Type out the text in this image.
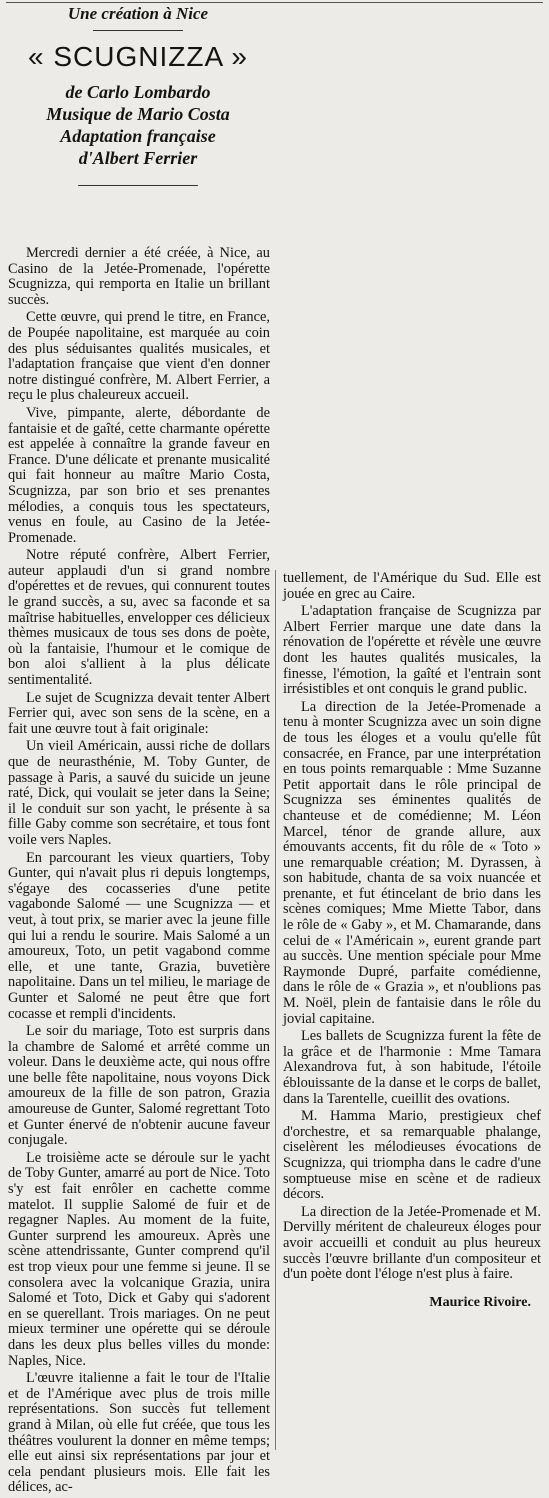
Une création à Nice
« SCUGNIZZA »
de Carlo Lombardo
Musique de Mario Costa
Adaptation française
d'Albert Ferrier

Mercredi dernier a été créée, à Nice, au Casino de la Jetée-Promenade, l'opérette Scugnizza, qui remporta en Italie un brillant succès.

Cette œuvre, qui prend le titre, en France, de Poupée napolitaine, est marquée au coin des plus séduisantes qualités musicales, et l'adaptation française que vient d'en donner notre distingué confrère, M. Albert Ferrier, a reçu le plus chaleureux accueil.

Vive, pimpante, alerte, débordante de fantaisie et de gaîté, cette charmante opérette est appelée à connaître la grande faveur en France. D'une délicate et prenante musicalité qui fait honneur au maître Mario Costa, Scugnizza, par son brio et ses prenantes mélodies, a conquis tous les spectateurs, venus en foule, au Casino de la Jetée-Promenade.

Notre réputé confrère, Albert Ferrier, auteur applaudi d'un si grand nombre d'opérettes et de revues, qui connurent toutes le grand succès, a su, avec sa faconde et sa maîtrise habituelles, envelopper ces délicieux thèmes musicaux de tous ses dons de poète, où la fantaisie, l'humour et le comique de bon aloi s'allient à la plus délicate sentimentalité.

Le sujet de Scugnizza devait tenter Albert Ferrier qui, avec son sens de la scène, en a fait une œuvre tout à fait originale:

Un vieil Américain, aussi riche de dollars que de neurasthénie, M. Toby Gunter, de passage à Paris, a sauvé du suicide un jeune raté, Dick, qui voulait se jeter dans la Seine; il le conduit sur son yacht, le présente à sa fille Gaby comme son secrétaire, et tous font voile vers Naples.

En parcourant les vieux quartiers, Toby Gunter, qui n'avait plus ri depuis longtemps, s'égaye des cocasseries d'une petite vagabonde Salomé — une Scugnizza — et veut, à tout prix, se marier avec la jeune fille qui lui a rendu le sourire. Mais Salomé a un amoureux, Toto, un petit vagabond comme elle, et une tante, Grazia, buvetière napolitaine. Dans un tel milieu, le mariage de Gunter et Salomé ne peut être que fort cocasse et rempli d'incidents.

Le soir du mariage, Toto est surpris dans la chambre de Salomé et arrêté comme un voleur. Dans le deuxième acte, qui nous offre une belle fête napolitaine, nous voyons Dick amoureux de la fille de son patron, Grazia amoureuse de Gunter, Salomé regrettant Toto et Gunter énervé de n'obtenir aucune faveur conjugale.

Le troisième acte se déroule sur le yacht de Toby Gunter, amarré au port de Nice. Toto s'y est fait enrôler en cachette comme matelot. Il supplie Salomé de fuir et de regagner Naples. Au moment de la fuite, Gunter surprend les amoureux. Après une scène attendrissante, Gunter comprend qu'il est trop vieux pour une femme si jeune. Il se consolera avec la volcanique Grazia, unira Salomé et Toto, Dick et Gaby qui s'adorent en se querellant. Trois mariages. On ne peut mieux terminer une opérette qui se déroule dans les deux plus belles villes du monde: Naples, Nice.

L'œuvre italienne a fait le tour de l'Italie et de l'Amérique avec plus de trois mille représentations. Son succès fut tellement grand à Milan, où elle fut créée, que tous les théâtres voulurent la donner en même temps; elle eut ainsi six représentations par jour et cela pendant plusieurs mois. Elle fait les délices, ac-

tuellement, de l'Amérique du Sud. Elle est jouée en grec au Caire.

L'adaptation française de Scugnizza par Albert Ferrier marque une date dans la rénovation de l'opérette et révèle une œuvre dont les hautes qualités musicales, la finesse, l'émotion, la gaîté et l'entrain sont irrésistibles et ont conquis le grand public.

La direction de la Jetée-Promenade a tenu à monter Scugnizza avec un soin digne de tous les éloges et a voulu qu'elle fût consacrée, en France, par une interprétation en tous points remarquable : Mme Suzanne Petit apportait dans le rôle principal de Scugnizza ses éminentes qualités de chanteuse et de comédienne; M. Léon Marcel, ténor de grande allure, aux émouvants accents, fit du rôle de « Toto » une remarquable création; M. Dyrassen, à son habitude, chanta de sa voix nuancée et prenante, et fut étincelant de brio dans les scènes comiques; Mme Miette Tabor, dans le rôle de « Gaby », et M. Chamarande, dans celui de « l'Américain », eurent grande part au succès. Une mention spéciale pour Mme Raymonde Dupré, parfaite comédienne, dans le rôle de « Grazia », et n'oublions pas M. Noël, plein de fantaisie dans le rôle du jovial capitaine.

Les ballets de Scugnizza furent la fête de la grâce et de l'harmonie : Mme Tamara Alexandrova fut, à son habitude, l'étoile éblouissante de la danse et le corps de ballet, dans la Tarentelle, cueillit des ovations.

M. Hamma Mario, prestigieux chef d'orchestre, et sa remarquable phalange, ciselèrent les mélodieuses évocations de Scugnizza, qui triompha dans le cadre d'une somptueuse mise en scène et de radieux décors.

La direction de la Jetée-Promenade et M. Dervilly méritent de chaleureux éloges pour avoir accueilli et conduit au plus heureux succès l'œuvre brillante d'un compositeur et d'un poète dont l'éloge n'est plus à faire.

Maurice Rivoire.
